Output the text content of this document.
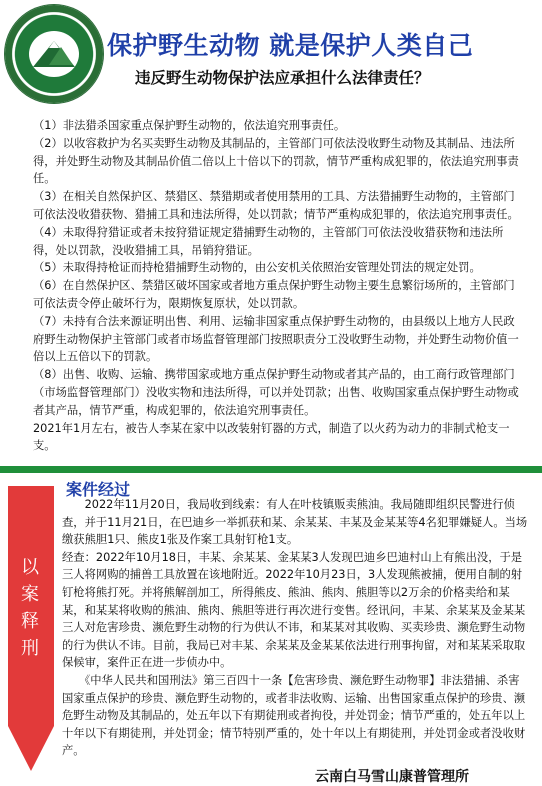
保护野生动物 就是保护人类自己
违反野生动物保护法应承担什么法律责任？

（1）非法猎杀国家重点保护野生动物的，依法追究刑事责任。

（2）以收容救护为名买卖野生动物及其制品的，主管部门可依法没收野生动物及其制品、违法所得，并处野生动物及其制品价值二倍以上十倍以下的罚款，情节严重构成犯罪的，依法追究刑事责任。

（3）在相关自然保护区、禁猎区、禁猎期或者使用禁用的工具、方法猎捕野生动物的，主管部门可依法没收猎获物、猎捕工具和违法所得，处以罚款；情节严重构成犯罪的，依法追究刑事责任。

（4）未取得狩猎证或者未按狩猎证规定猎捕野生动物的，主管部门可依法没收猎获物和违法所得，处以罚款，没收猎捕工具，吊销狩猎证。

（5）未取得持枪证而持枪猎捕野生动物的，由公安机关依照治安管理处罚法的规定处罚。

（6）在自然保护区、禁猎区破坏国家或者地方重点保护野生动物主要生息繁衍场所的，主管部门可依法责令停止破坏行为，限期恢复原状，处以罚款。

（7）未持有合法来源证明出售、利用、运输非国家重点保护野生动物的，由县级以上地方人民政府野生动物保护主管部门或者市场监督管理部门按照职责分工没收野生动物，并处野生动物价值一倍以上五倍以下的罚款。

（8）出售、收购、运输、携带国家或地方重点保护野生动物或者其产品的，由工商行政管理部门（市场监督管理部门）没收实物和违法所得，可以并处罚款；出售、收购国家重点保护野生动物或者其产品，情节严重，构成犯罪的，依法追究刑事责任。

2021年1月左右，被告人李某在家中以改装射钉器的方式，制造了以火药为动力的非制式枪支一支。

案件经过
以
案
释
刑

　　2022年11月20日，我局收到线索：有人在叶枝镇贩卖熊油。我局随即组织民警进行侦查，并于11月21日，在巴迪乡一举抓获和某、余某某、丰某及金某某等4名犯罪嫌疑人。当场缴获熊胆1只、熊皮1张及作案工具射钉枪1支。

经查：2022年10月18日，丰某、余某某、金某某3人发现巴迪乡巴迪村山上有熊出没，于是三人将网购的捕兽工具放置在该地附近。2022年10月23日，3人发现熊被捕，便用自制的射钉枪将熊打死。并将熊解剖加工，所得熊皮、熊油、熊肉、熊胆等以2万余的价格卖给和某某，和某某将收购的熊油、熊肉、熊胆等进行再次进行变售。经讯问，丰某、余某某及金某某三人对危害珍贵、濒危野生动物的行为供认不讳，和某某对其收购、买卖珍贵、濒危野生动物的行为供认不讳。目前，我局已对丰某、余某某及金某某依法进行刑事拘留，对和某某采取取保候审，案件正在进一步侦办中。

　　《中华人民共和国刑法》第三百四十一条【危害珍贵、濒危野生动物罪】非法猎捕、杀害国家重点保护的珍贵、濒危野生动物的，或者非法收购、运输、出售国家重点保护的珍贵、濒危野生动物及其制品的，处五年以下有期徒刑或者拘役，并处罚金；情节严重的，处五年以上十年以下有期徒刑，并处罚金；情节特别严重的，处十年以上有期徒刑，并处罚金或者没收财产。

云南白马雪山康普管理所
